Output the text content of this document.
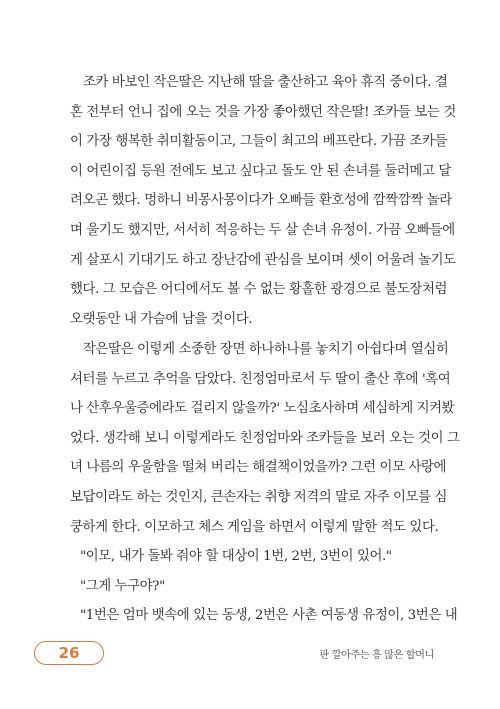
조카 바보인 작은딸은 지난해 딸을 출산하고 육아 휴직 중이다. 결
혼 전부터 언니 집에 오는 것을 가장 좋아했던 작은딸! 조카들 보는 것
이 가장 행복한 취미활동이고, 그들이 최고의 베프란다. 가끔 조카들
이 어린이집 등원 전에도 보고 싶다고 돌도 안 된 손녀를 둘러메고 달
려오곤 했다. 멍하니 비몽사몽이다가 오빠들 환호성에 깜짝깜짝 놀라
며 울기도 했지만, 서서히 적응하는 두 살 손녀 유정이. 가끔 오빠들에
게 살포시 기대기도 하고 장난감에 관심을 보이며 셋이 어울려 놀기도
했다. 그 모습은 어디에서도 볼 수 없는 황홀한 광경으로 불도장처럼
오랫동안 내 가슴에 남을 것이다.
작은딸은 이렇게 소중한 장면 하나하나를 놓치기 아쉽다며 열심히
셔터를 누르고 추억을 담았다. 친정엄마로서 두 딸이 출산 후에 '혹여
나 산후우울증에라도 걸리지 않을까?' 노심초사하며 세심하게 지켜봤
었다. 생각해 보니 이렇게라도 친정엄마와 조카들을 보러 오는 것이 그
녀 나름의 우울함을 떨쳐 버리는 해결책이었을까? 그런 이모 사랑에
보답이라도 하는 것인지, 큰손자는 취향 저격의 말로 자주 이모를 심
쿵하게 한다. 이모하고 체스 게임을 하면서 이렇게 말한 적도 있다.
"이모, 내가 돌봐 줘야 할 대상이 1번, 2번, 3번이 있어."
"그게 누구야?"
"1번은 엄마 뱃속에 있는 동생, 2번은 사촌 여동생 유정이, 3번은 내
26	판 깔아주는 흥 많은 할머니
